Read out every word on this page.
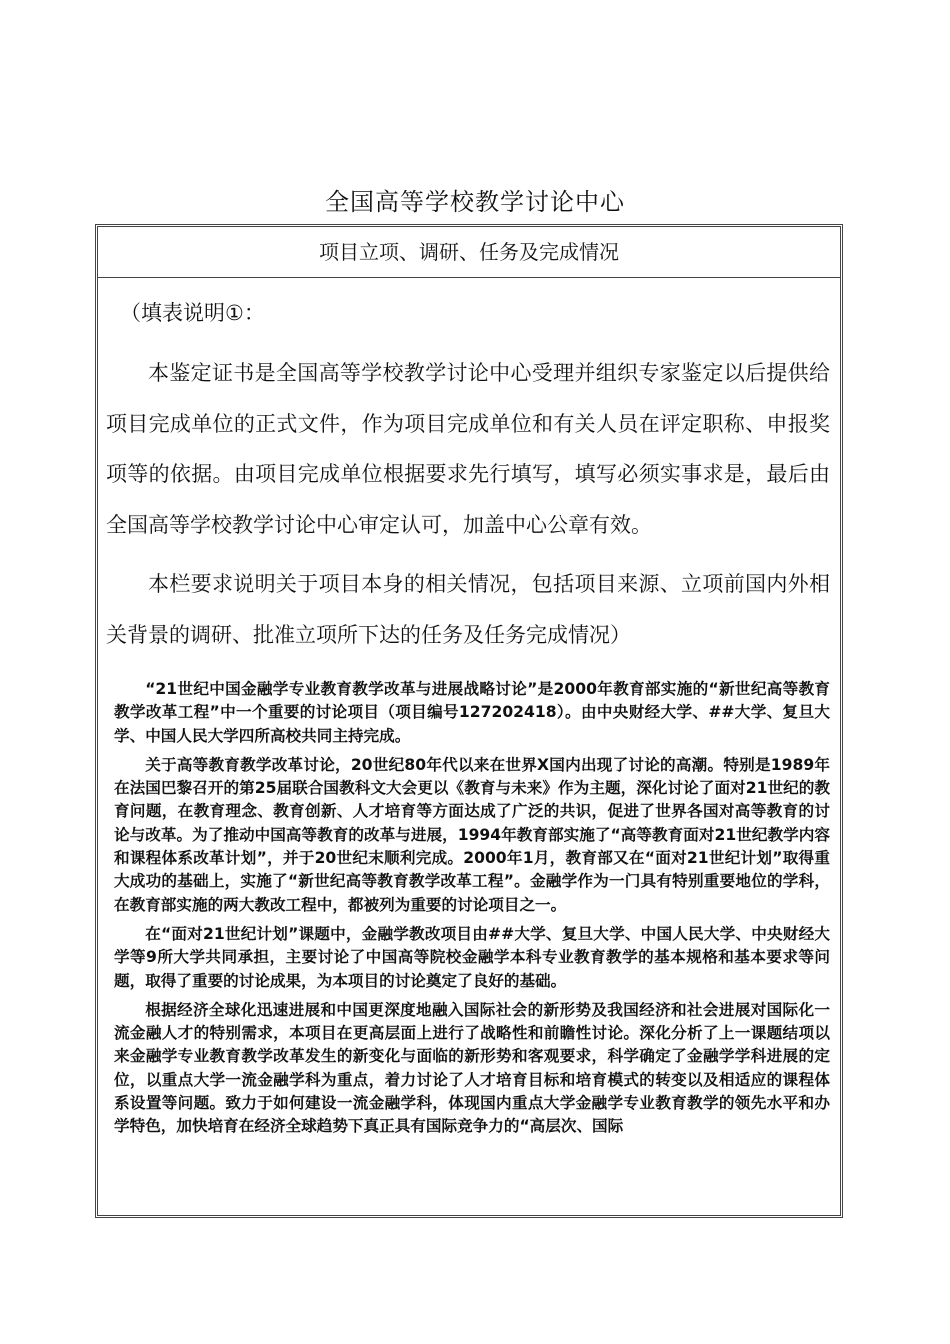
全国高等学校教学讨论中心
项目立项、调研、任务及完成情况
（填表说明①：

本鉴定证书是全国高等学校教学讨论中心受理并组织专家鉴定以后提供给项目完成单位的正式文件，作为项目完成单位和有关人员在评定职称、申报奖项等的依据。由项目完成单位根据要求先行填写，填写必须实事求是，最后由全国高等学校教学讨论中心审定认可，加盖中心公章有效。

本栏要求说明关于项目本身的相关情况，包括项目来源、立项前国内外相关背景的调研、批准立项所下达的任务及任务完成情况）

“21世纪中国金融学专业教育教学改革与进展战略讨论”是2000年教育部实施的“新世纪高等教育教学改革工程”中一个重要的讨论项目（项目编号127202418）。由中央财经大学、##大学、复旦大学、中国人民大学四所高校共同主持完成。

关于高等教育教学改革讨论，20世纪80年代以来在世界X国内出现了讨论的高潮。特别是1989年在法国巴黎召开的第25届联合国教科文大会更以《教育与未来》作为主题，深化讨论了面对21世纪的教育问题，在教育理念、教育创新、人才培育等方面达成了广泛的共识，促进了世界各国对高等教育的讨论与改革。为了推动中国高等教育的改革与进展，1994年教育部实施了“高等教育面对21世纪教学内容和课程体系改革计划”，并于20世纪末顺利完成。2000年1月，教育部又在“面对21世纪计划”取得重大成功的基础上，实施了“新世纪高等教育教学改革工程”。金融学作为一门具有特别重要地位的学科，在教育部实施的两大教改工程中，都被列为重要的讨论项目之一。

在“面对21世纪计划”课题中，金融学教改项目由##大学、复旦大学、中国人民大学、中央财经大学等9所大学共同承担，主要讨论了中国高等院校金融学本科专业教育教学的基本规格和基本要求等问题，取得了重要的讨论成果，为本项目的讨论奠定了良好的基础。

根据经济全球化迅速进展和中国更深度地融入国际社会的新形势及我国经济和社会进展对国际化一流金融人才的特别需求，本项目在更高层面上进行了战略性和前瞻性讨论。深化分析了上一课题结项以来金融学专业教育教学改革发生的新变化与面临的新形势和客观要求，科学确定了金融学学科进展的定位，以重点大学一流金融学科为重点，着力讨论了人才培育目标和培育模式的转变以及相适应的课程体系设置等问题。致力于如何建设一流金融学科，体现国内重点大学金融学专业教育教学的领先水平和办学特色，加快培育在经济全球趋势下真正具有国际竞争力的“高层次、国际
